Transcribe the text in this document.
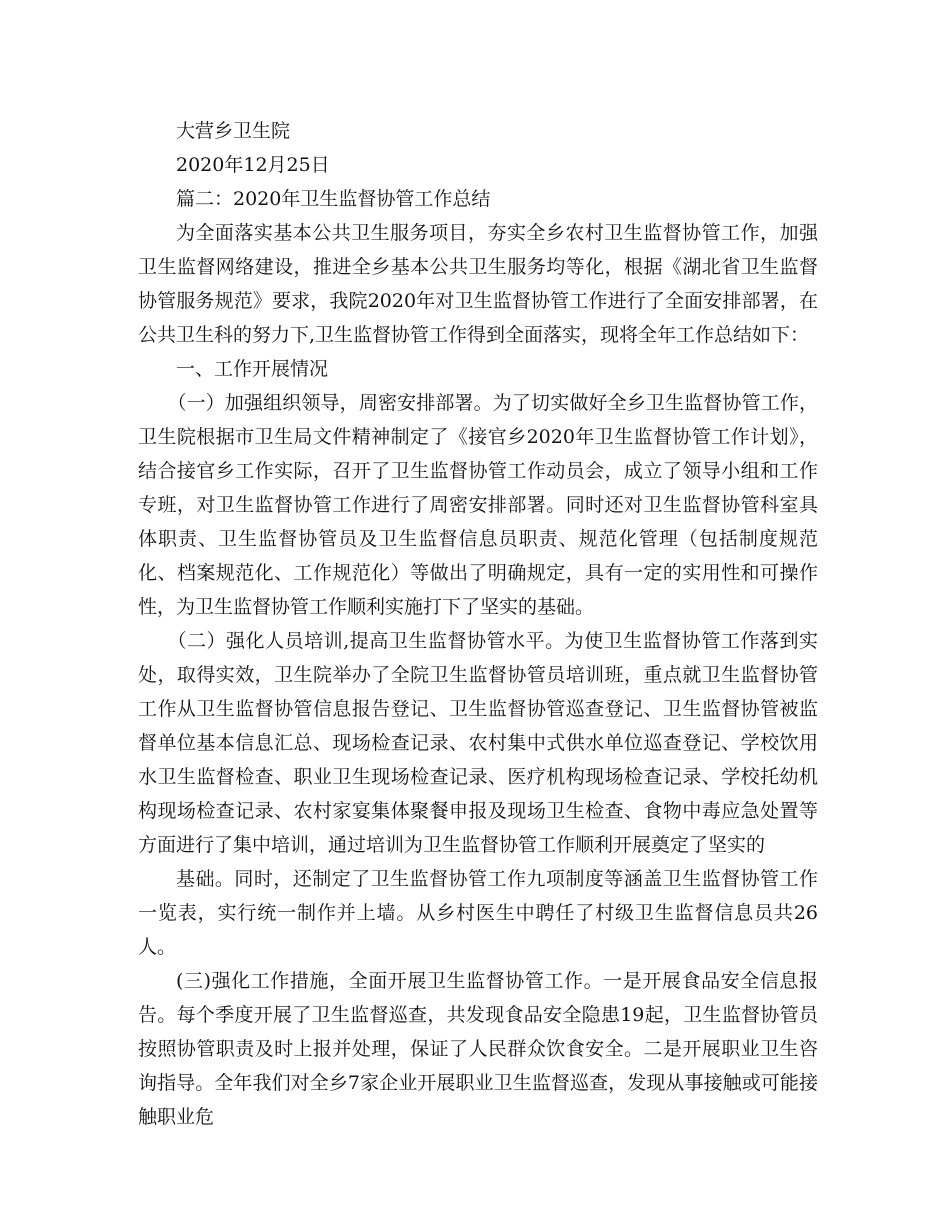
大营乡卫生院

2020年12月25日

篇二：2020年卫生监督协管工作总结

为全面落实基本公共卫生服务项目，夯实全乡农村卫生监督协管工作，加强卫生监督网络建设，推进全乡基本公共卫生服务均等化，根据《湖北省卫生监督协管服务规范》要求，我院2020年对卫生监督协管工作进行了全面安排部署，在公共卫生科的努力下,卫生监督协管工作得到全面落实，现将全年工作总结如下：

一、工作开展情况

（一）加强组织领导，周密安排部署。为了切实做好全乡卫生监督协管工作，卫生院根据市卫生局文件精神制定了《接官乡2020年卫生监督协管工作计划》，结合接官乡工作实际，召开了卫生监督协管工作动员会，成立了领导小组和工作专班，对卫生监督协管工作进行了周密安排部署。同时还对卫生监督协管科室具体职责、卫生监督协管员及卫生监督信息员职责、规范化管理（包括制度规范化、档案规范化、工作规范化）等做出了明确规定，具有一定的实用性和可操作性，为卫生监督协管工作顺利实施打下了坚实的基础。

（二）强化人员培训,提高卫生监督协管水平。为使卫生监督协管工作落到实处，取得实效，卫生院举办了全院卫生监督协管员培训班，重点就卫生监督协管工作从卫生监督协管信息报告登记、卫生监督协管巡查登记、卫生监督协管被监督单位基本信息汇总、现场检查记录、农村集中式供水单位巡查登记、学校饮用水卫生监督检查、职业卫生现场检查记录、医疗机构现场检查记录、学校托幼机构现场检查记录、农村家宴集体聚餐申报及现场卫生检查、食物中毒应急处置等方面进行了集中培训，通过培训为卫生监督协管工作顺利开展奠定了坚实的

基础。同时，还制定了卫生监督协管工作九项制度等涵盖卫生监督协管工作一览表，实行统一制作并上墙。从乡村医生中聘任了村级卫生监督信息员共26人。

(三)强化工作措施，全面开展卫生监督协管工作。一是开展食品安全信息报告。每个季度开展了卫生监督巡查，共发现食品安全隐患19起，卫生监督协管员按照协管职责及时上报并处理，保证了人民群众饮食安全。二是开展职业卫生咨询指导。全年我们对全乡7家企业开展职业卫生监督巡查，发现从事接触或可能接触职业危
